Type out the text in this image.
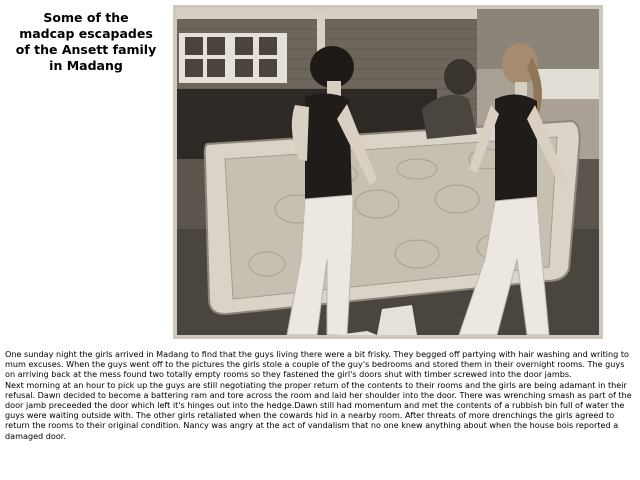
Some of the
madcap escapades
of the Ansett family
in Madang

One sunday night the girls arrived in Madang to find that the guys living there were a bit frisky. They begged off partying with hair washing and writing to mum excuses. When the guys went off to the pictures the girls stole a couple of the guy's bedrooms and stored them in their overnight rooms. The guys on arriving back at the mess found two totally empty rooms so they fastened the girl's doors shut with timber screwed into the door jambs.

Next morning at an hour to pick up the guys are still negotiating the proper return of the contents to their rooms and the girls are being adamant in their refusal. Dawn decided to become a battering ram and tore across the room and laid her shoulder into the door. There was wrenching smash as part of the door jamb preceeded the door which left it's hinges out into the hedge.Dawn still had momentum and met the contents of a rubbish bin full of water the guys were waiting outside with. The other girls retaliated when the cowards hid in a nearby room. After threats of more drenchings the girls agreed to return the rooms to their original condition. Nancy was angry at the act of vandalism that no one knew anything about when the house bois reported a damaged door.
